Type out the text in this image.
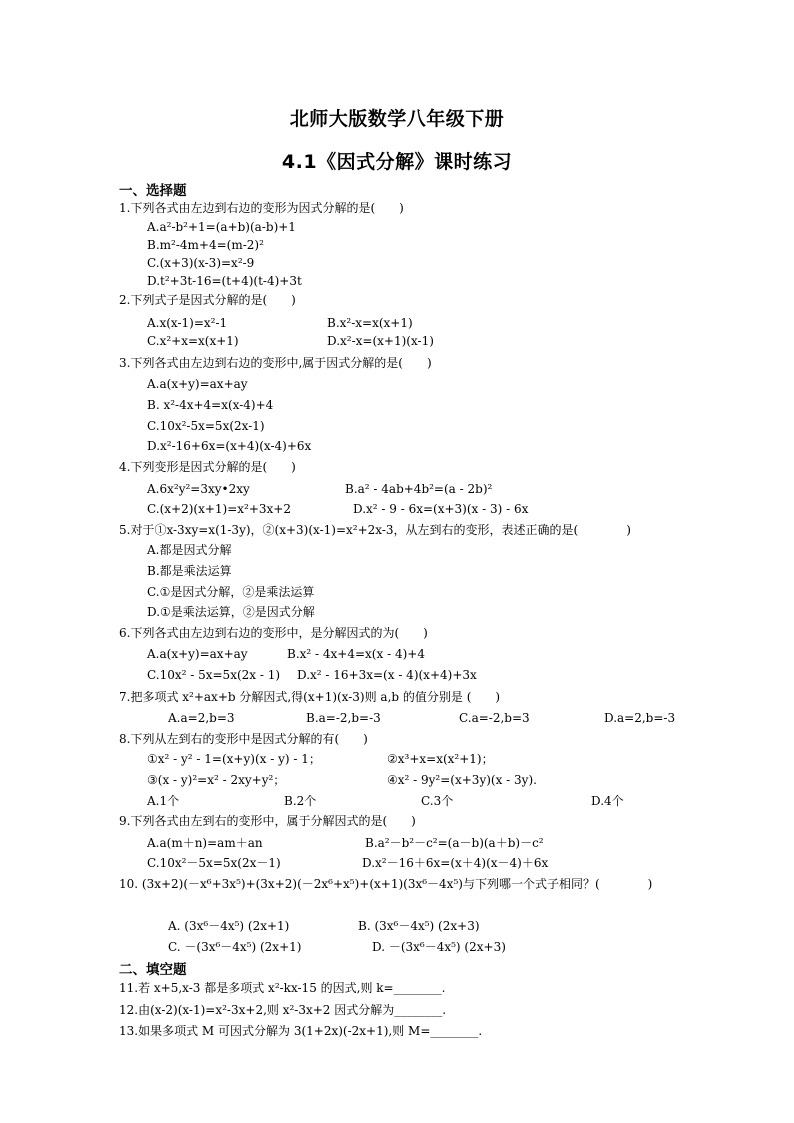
北师大版数学八年级下册
4.1《因式分解》课时练习
一、选择题
1.下列各式由左边到右边的变形为因式分解的是(　　)
A.a²-b²+1=(a+b)(a-b)+1
B.m²-4m+4=(m-2)²
C.(x+3)(x-3)=x²-9
D.t²+3t-16=(t+4)(t-4)+3t
2.下列式子是因式分解的是(　　)
A.x(x-1)=x²-1	B.x²-x=x(x+1)
C.x²+x=x(x+1)	D.x²-x=(x+1)(x-1)
3.下列各式由左边到右边的变形中,属于因式分解的是(　　)
A.a(x+y)=ax+ay
B. x²-4x+4=x(x-4)+4
C.10x²-5x=5x(2x-1)
D.x²-16+6x=(x+4)(x-4)+6x
4.下列变形是因式分解的是(　　)
A.6x²y²=3xy•2xy	B.a² - 4ab+4b²=(a - 2b)²
C.(x+2)(x+1)=x²+3x+2	D.x² - 9 - 6x=(x+3)(x - 3) - 6x
5.对于①x-3xy=x(1-3y)，②(x+3)(x-1)=x²+2x-3，从左到右的变形，表述正确的是(　　　　)
A.都是因式分解
B.都是乘法运算
C.①是因式分解，②是乘法运算
D.①是乘法运算，②是因式分解
6.下列各式由左边到右边的变形中，是分解因式的为(　　)
A.a(x+y)=ax+ay	B.x² - 4x+4=x(x - 4)+4
C.10x² - 5x=5x(2x - 1) D.x² - 16+3x=(x - 4)(x+4)+3x
7.把多项式 x²+ax+b 分解因式,得(x+1)(x-3)则 a,b 的值分别是 (　　)
A.a=2,b=3	B.a=-2,b=-3	C.a=-2,b=3	D.a=2,b=-3
8.下列从左到右的变形中是因式分解的有(　　)
①x² - y² - 1=(x+y)(x - y) - 1；	②x³+x=x(x²+1)；
③(x - y)²=x² - 2xy+y²；	④x² - 9y²=(x+3y)(x - 3y).
A.1个	B.2个	C.3个	D.4个
9.下列各式由左到右的变形中，属于分解因式的是(　　)
A.a(m＋n)=am＋an	B.a²－b²－c²=(a－b)(a＋b)－c²
C.10x²－5x=5x(2x－1)	D.x²－16＋6x=(x＋4)(x－4)＋6x
10. (3x+2)(－x⁶+3x⁵)+(3x+2)(－2x⁶+x⁵)+(x+1)(3x⁶－4x⁵)与下列哪一个式子相同？(　　　　)
A. (3x⁶－4x⁵) (2x+1)	B. (3x⁶－4x⁵) (2x+3)
C. －(3x⁶－4x⁵) (2x+1)	D. －(3x⁶－4x⁵) (2x+3)
二、填空题
11.若 x+5,x-3 都是多项式 x²-kx-15 的因式,则 k=________.
12.由(x-2)(x-1)=x²-3x+2,则 x²-3x+2 因式分解为________.
13.如果多项式 M 可因式分解为 3(1+2x)(-2x+1),则 M=________.
